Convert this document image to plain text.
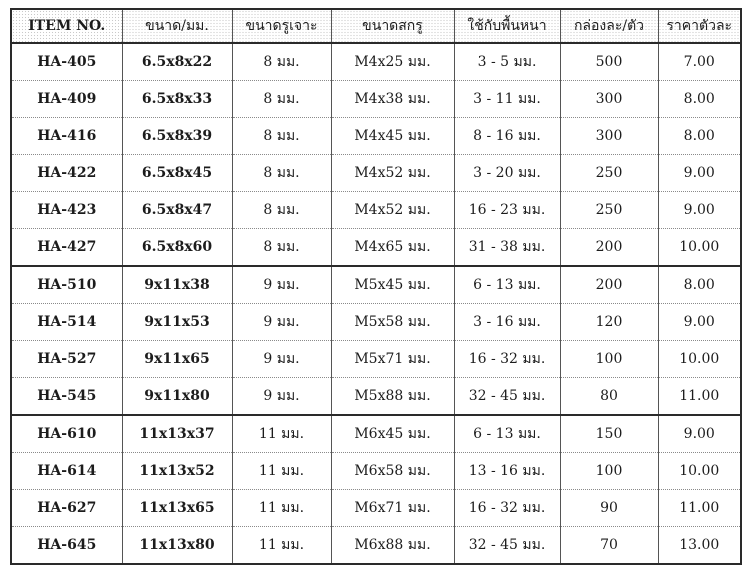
ITEM NO.	ขนาด/มม.	ขนาดรูเจาะ	ขนาดสกรู	ใช้กับพื้นหนา	กล่องละ/ตัว	ราคาตัวละ
HA-405	6.5x8x22	8 มม.	M4x25 มม.	3 - 5 มม.	500	7.00
HA-409	6.5x8x33	8 มม.	M4x38 มม.	3 - 11 มม.	300	8.00
HA-416	6.5x8x39	8 มม.	M4x45 มม.	8 - 16 มม.	300	8.00
HA-422	6.5x8x45	8 มม.	M4x52 มม.	3 - 20 มม.	250	9.00
HA-423	6.5x8x47	8 มม.	M4x52 มม.	16 - 23 มม.	250	9.00
HA-427	6.5x8x60	8 มม.	M4x65 มม.	31 - 38 มม.	200	10.00
HA-510	9x11x38	9 มม.	M5x45 มม.	6 - 13 มม.	200	8.00
HA-514	9x11x53	9 มม.	M5x58 มม.	3 - 16 มม.	120	9.00
HA-527	9x11x65	9 มม.	M5x71 มม.	16 - 32 มม.	100	10.00
HA-545	9x11x80	9 มม.	M5x88 มม.	32 - 45 มม.	80	11.00
HA-610	11x13x37	11 มม.	M6x45 มม.	6 - 13 มม.	150	9.00
HA-614	11x13x52	11 มม.	M6x58 มม.	13 - 16 มม.	100	10.00
HA-627	11x13x65	11 มม.	M6x71 มม.	16 - 32 มม.	90	11.00
HA-645	11x13x80	11 มม.	M6x88 มม.	32 - 45 มม.	70	13.00
